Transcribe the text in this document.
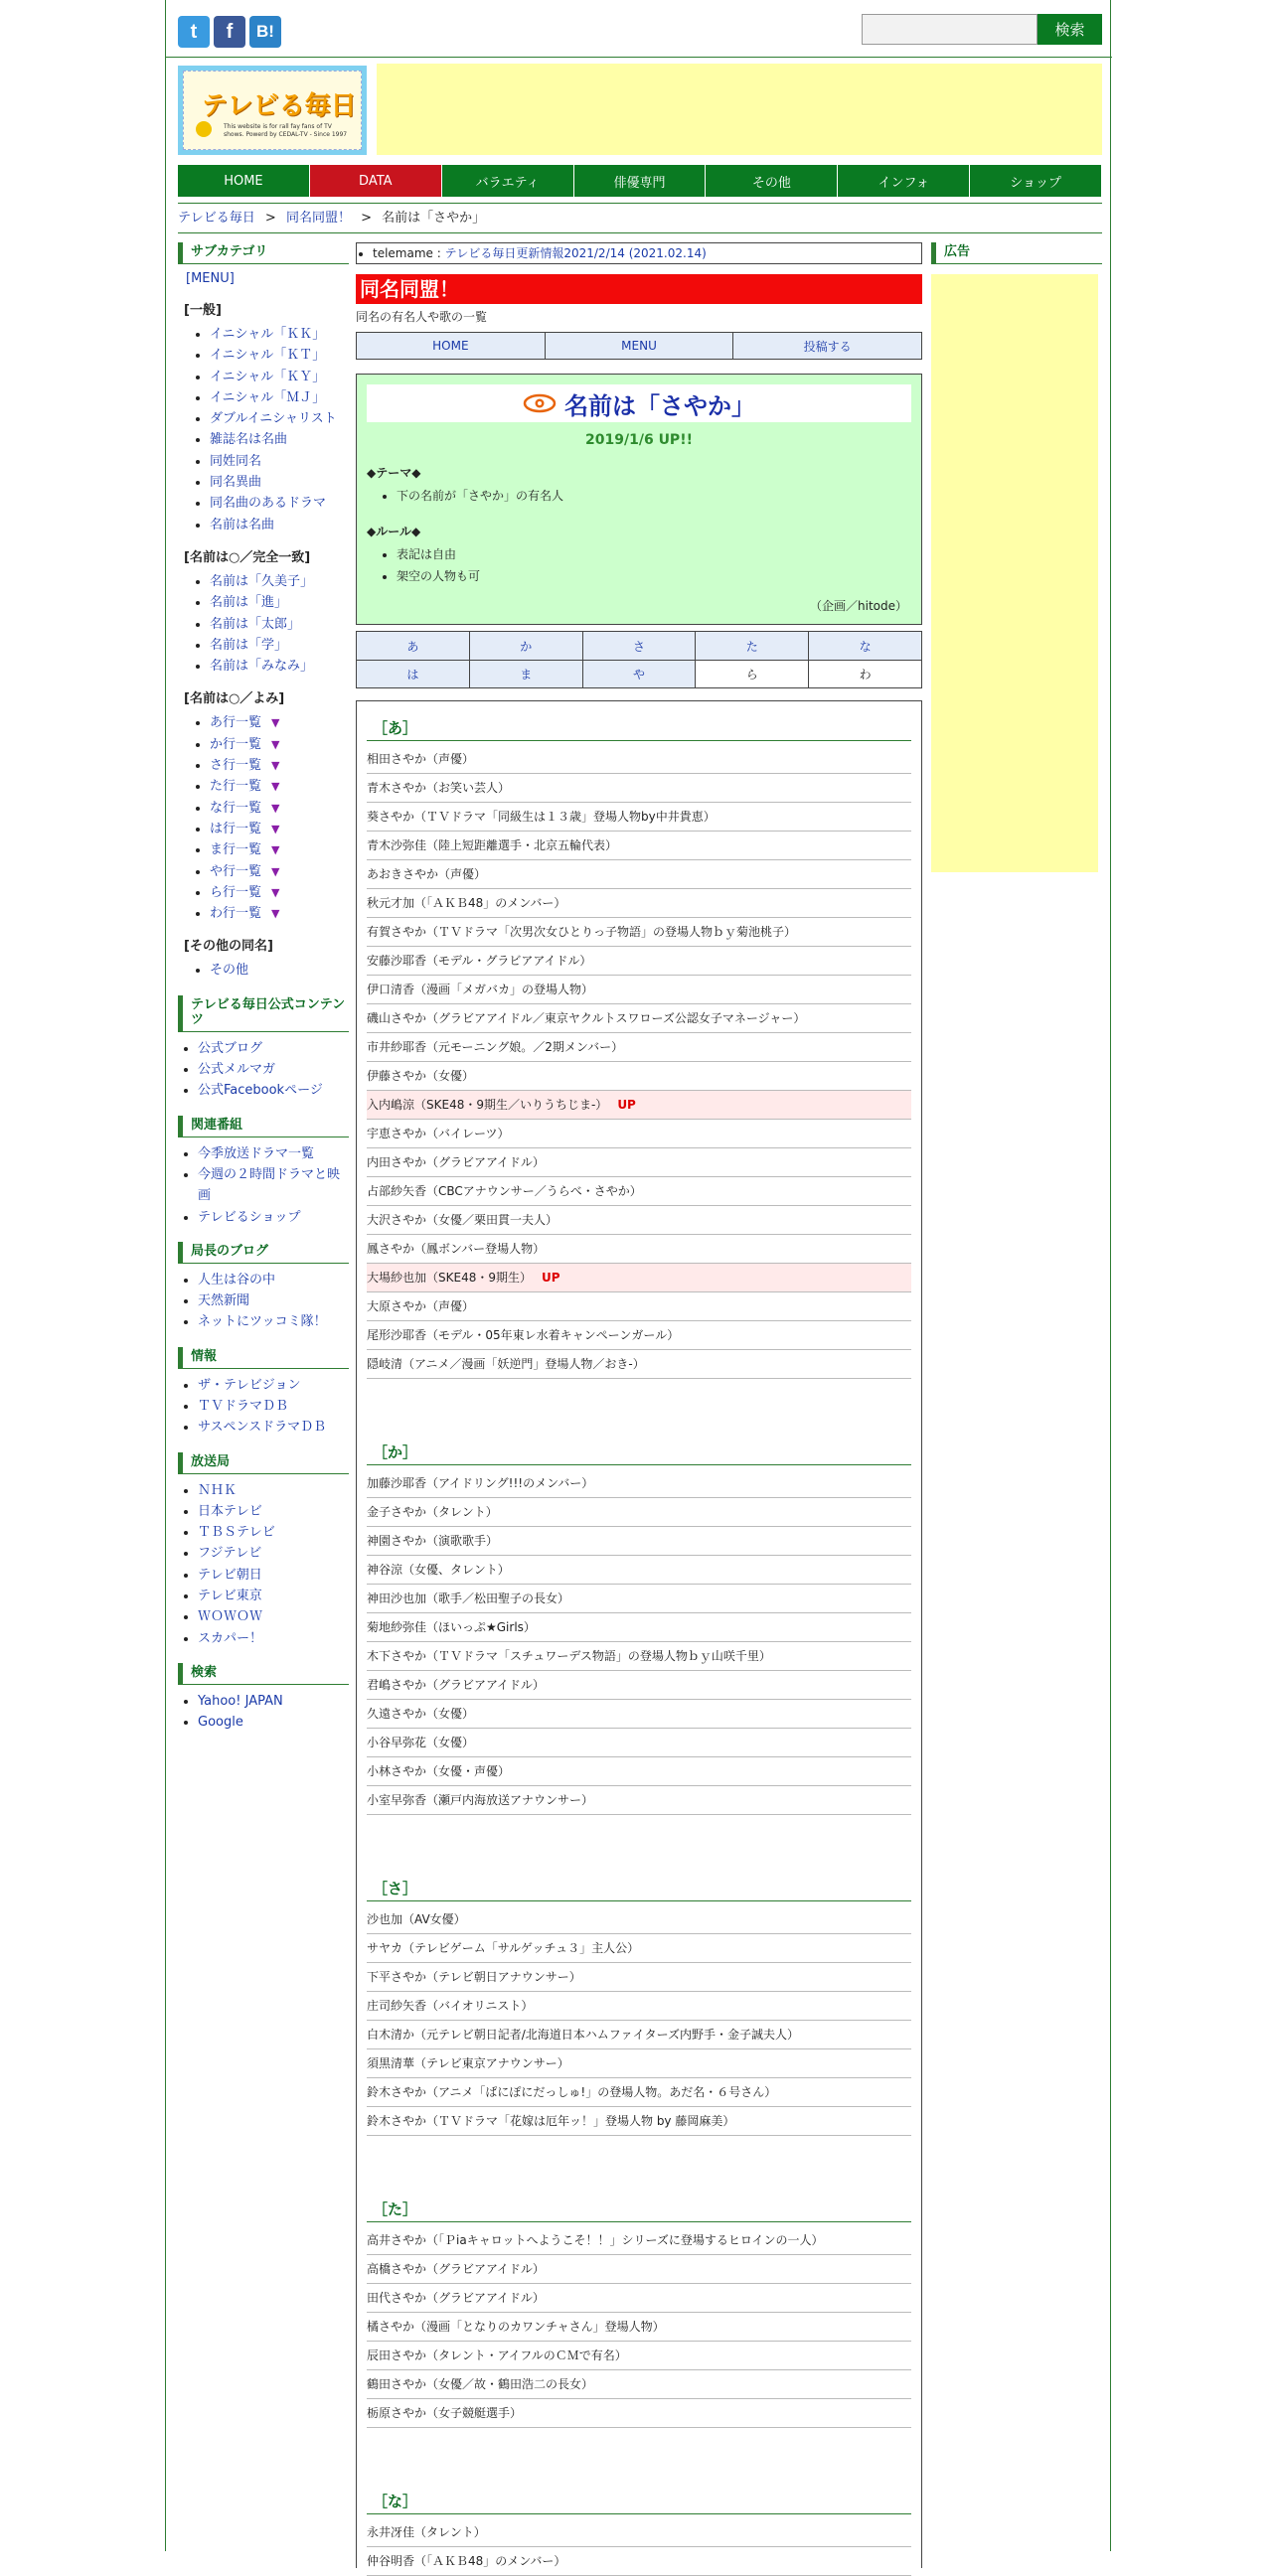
t	f	B!	検索
テレビる毎日
This website is for rall fay fans of TV shows. Powerd by CEDAL-TV - Since 1997
HOME	DATA	バラエティ	俳優専門	その他	インフォ	ショップ
テレビる毎日 > 同名同盟！ > 名前は「さやか」
サブカテゴリ
[MENU]
[一般]
• イニシャル「ＫＫ」
• イニシャル「ＫＴ」
• イニシャル「ＫＹ」
• イニシャル「ＭＪ」
• ダブルイニシャリスト
• 雑誌名は名曲
• 同姓同名
• 同名異曲
• 同名曲のあるドラマ
• 名前は名曲
[名前は○／完全一致]
• 名前は「久美子」
• 名前は「進」
• 名前は「太郎」
• 名前は「学」
• 名前は「みなみ」
[名前は○／よみ]
• あ行一覧 ▼
• か行一覧 ▼
• さ行一覧 ▼
• た行一覧 ▼
• な行一覧 ▼
• は行一覧 ▼
• ま行一覧 ▼
• や行一覧 ▼
• ら行一覧 ▼
• わ行一覧 ▼
[その他の同名]
• その他
テレビる毎日公式コンテンツ
• 公式ブログ
• 公式メルマガ
• 公式Facebookページ
関連番組
• 今季放送ドラマ一覧
• 今週の２時間ドラマと映画
• テレビるショップ
局長のブログ
• 人生は谷の中
• 天然新聞
• ネットにツッコミ隊！
情報
• ザ・テレビジョン
• ＴＶドラマＤＢ
• サスペンスドラマＤＢ
放送局
• ＮＨＫ
• 日本テレビ
• ＴＢＳテレビ
• フジテレビ
• テレビ朝日
• テレビ東京
• ＷＯＷＯＷ
• スカパー！
検索
• Yahoo! JAPAN
• Google
• telemame : テレビる毎日更新情報2021/2/14 (2021.02.14)
同名同盟！
同名の有名人や歌の一覧
HOME	MENU	投稿する
名前は「さやか」
2019/1/6 UP!!
◆テーマ◆
• 下の名前が「さやか」の有名人
◆ルール◆
• 表記は自由
• 架空の人物も可
（企画／hitode）
あ	か	さ	た	な
は	ま	や	ら	わ
［あ］
相田さやか（声優）
青木さやか（お笑い芸人）
葵さやか（ＴＶドラマ「同級生は１３歳」登場人物by中井貴恵）
青木沙弥佳（陸上短距離選手・北京五輪代表）
あおきさやか（声優）
秋元才加（「ＡＫＢ48」のメンバー）
有賀さやか（ＴＶドラマ「次男次女ひとりっ子物語」の登場人物ｂｙ菊池桃子）
安藤沙耶香（モデル・グラビアアイドル）
伊口清香（漫画「メガバカ」の登場人物）
磯山さやか（グラビアアイドル／東京ヤクルトスワローズ公認女子マネージャー）
市井紗耶香（元モーニング娘。／2期メンバー）
伊藤さやか（女優）
入内嶋涼（SKE48・9期生／いりうちじま-） UP
宇恵さやか（バイレーツ）
内田さやか（グラビアアイドル）
占部紗矢香（CBCアナウンサー／うらべ・さやか）
大沢さやか（女優／栗田貫一夫人）
鳳さやか（鳳ボンバー登場人物）
大場紗也加（SKE48・9期生） UP
大原さやか（声優）
尾形沙耶香（モデル・05年東レ水着キャンペーンガール）
隠岐清（アニメ／漫画「妖逆門」登場人物／おき-）
［か］
加藤沙耶香（アイドリング!!!のメンバー）
金子さやか（タレント）
神園さやか（演歌歌手）
神谷涼（女優、タレント）
神田沙也加（歌手／松田聖子の長女）
菊地紗弥佳（ほいっぷ★Girls）
木下さやか（ＴＶドラマ「スチュワーデス物語」の登場人物ｂｙ山咲千里）
君嶋さやか（グラビアアイドル）
久遠さやか（女優）
小谷早弥花（女優）
小林さやか（女優・声優）
小室早弥香（瀬戸内海放送アナウンサー）
［さ］
沙也加（AV女優）
サヤカ（テレビゲーム「サルゲッチュ３」主人公）
下平さやか（テレビ朝日アナウンサー）
庄司紗矢香（バイオリニスト）
白木清か（元テレビ朝日記者/北海道日本ハムファイターズ内野手・金子誠夫人）
須黒清華（テレビ東京アナウンサー）
鈴木さやか（アニメ「ぱにぽにだっしゅ!」の登場人物。あだ名・６号さん）
鈴木さやか（ＴＶドラマ「花嫁は厄年ッ！」登場人物 by 藤岡麻美）
［た］
高井さやか（「Ｐiaキャロットへようこそ！！」シリーズに登場するヒロインの一人）
高橋さやか（グラビアアイドル）
田代さやか（グラビアアイドル）
橘さやか（漫画「となりのカワンチャさん」登場人物）
辰田さやか（タレント・アイフルのＣＭで有名）
鶴田さやか（女優／故・鶴田浩二の長女）
栃原さやか（女子競艇選手）
［な］
永井冴佳（タレント）
仲谷明香（「ＡＫＢ48」のメンバー）
広告
